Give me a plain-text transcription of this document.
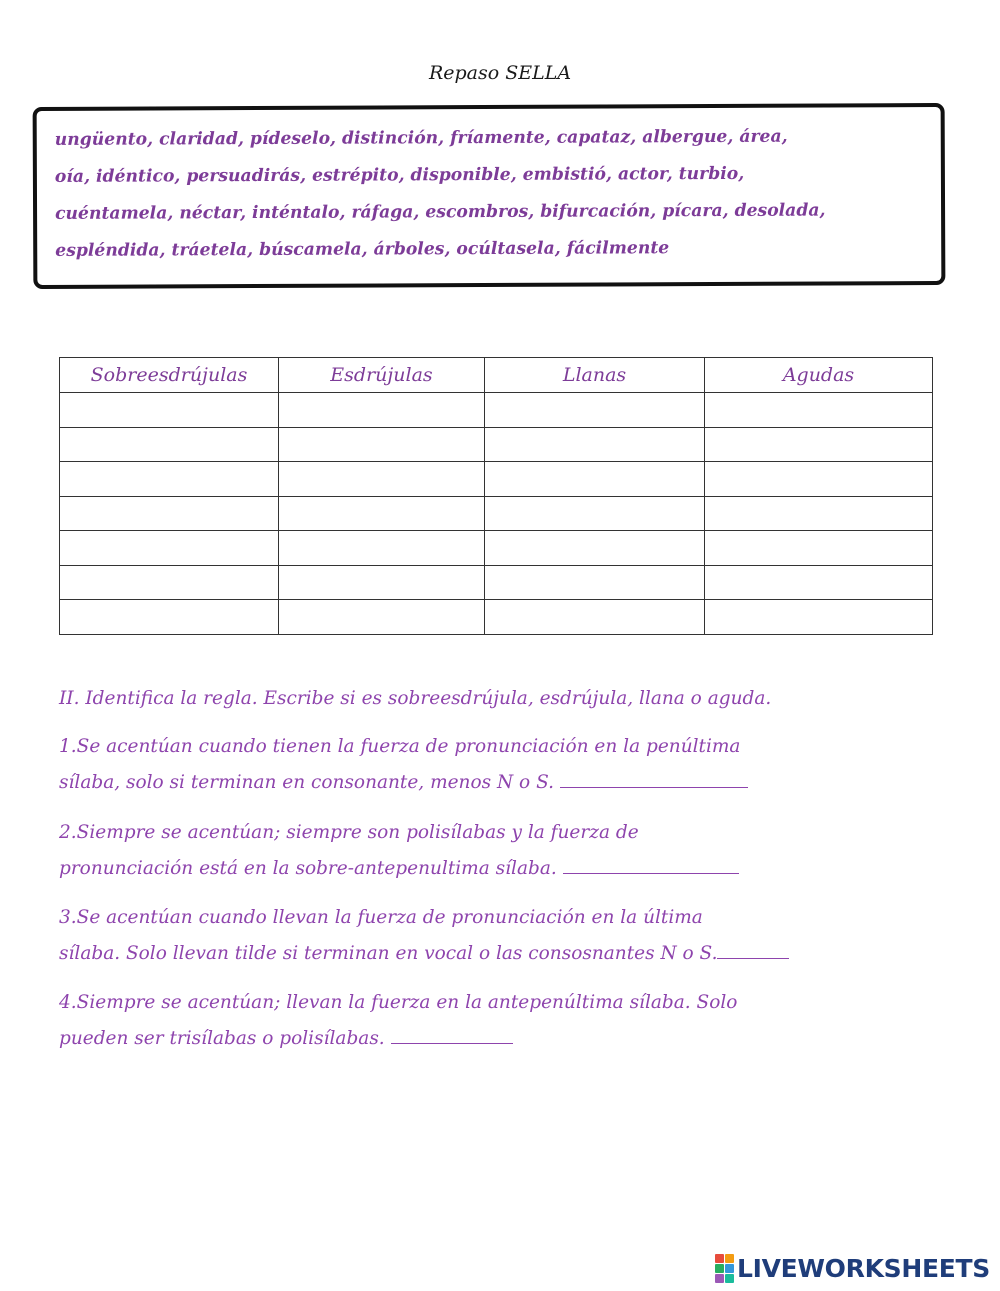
Repaso SELLA
ungüento, claridad, pídeselo, distinción, fríamente, capataz, albergue, área,
oía, idéntico, persuadirás, estrépito, disponible, embistió, actor, turbio,
cuéntamela, néctar, inténtalo, ráfaga, escombros, bifurcación, pícara, desolada,
espléndida, tráetela, búscamela, árboles, ocúltasela, fácilmente
Sobreesdrújulas	Esdrújulas	Llanas	Agudas

II. Identifica la regla. Escribe si es sobreesdrújula, esdrújula, llana o aguda.
1.Se acentúan cuando tienen la fuerza de pronunciación en la penúltima
sílaba, solo si terminan en consonante, menos N o S.
2.Siempre se acentúan; siempre son polisílabas y la fuerza de
pronunciación está en la sobre-antepenultima sílaba.
3.Se acentúan cuando llevan la fuerza de pronunciación en la última
sílaba. Solo llevan tilde si terminan en vocal o las consosnantes N o S.
4.Siempre se acentúan; llevan la fuerza en la antepenúltima sílaba. Solo
pueden ser trisílabas o polisílabas.
LIVEWORKSHEETS
